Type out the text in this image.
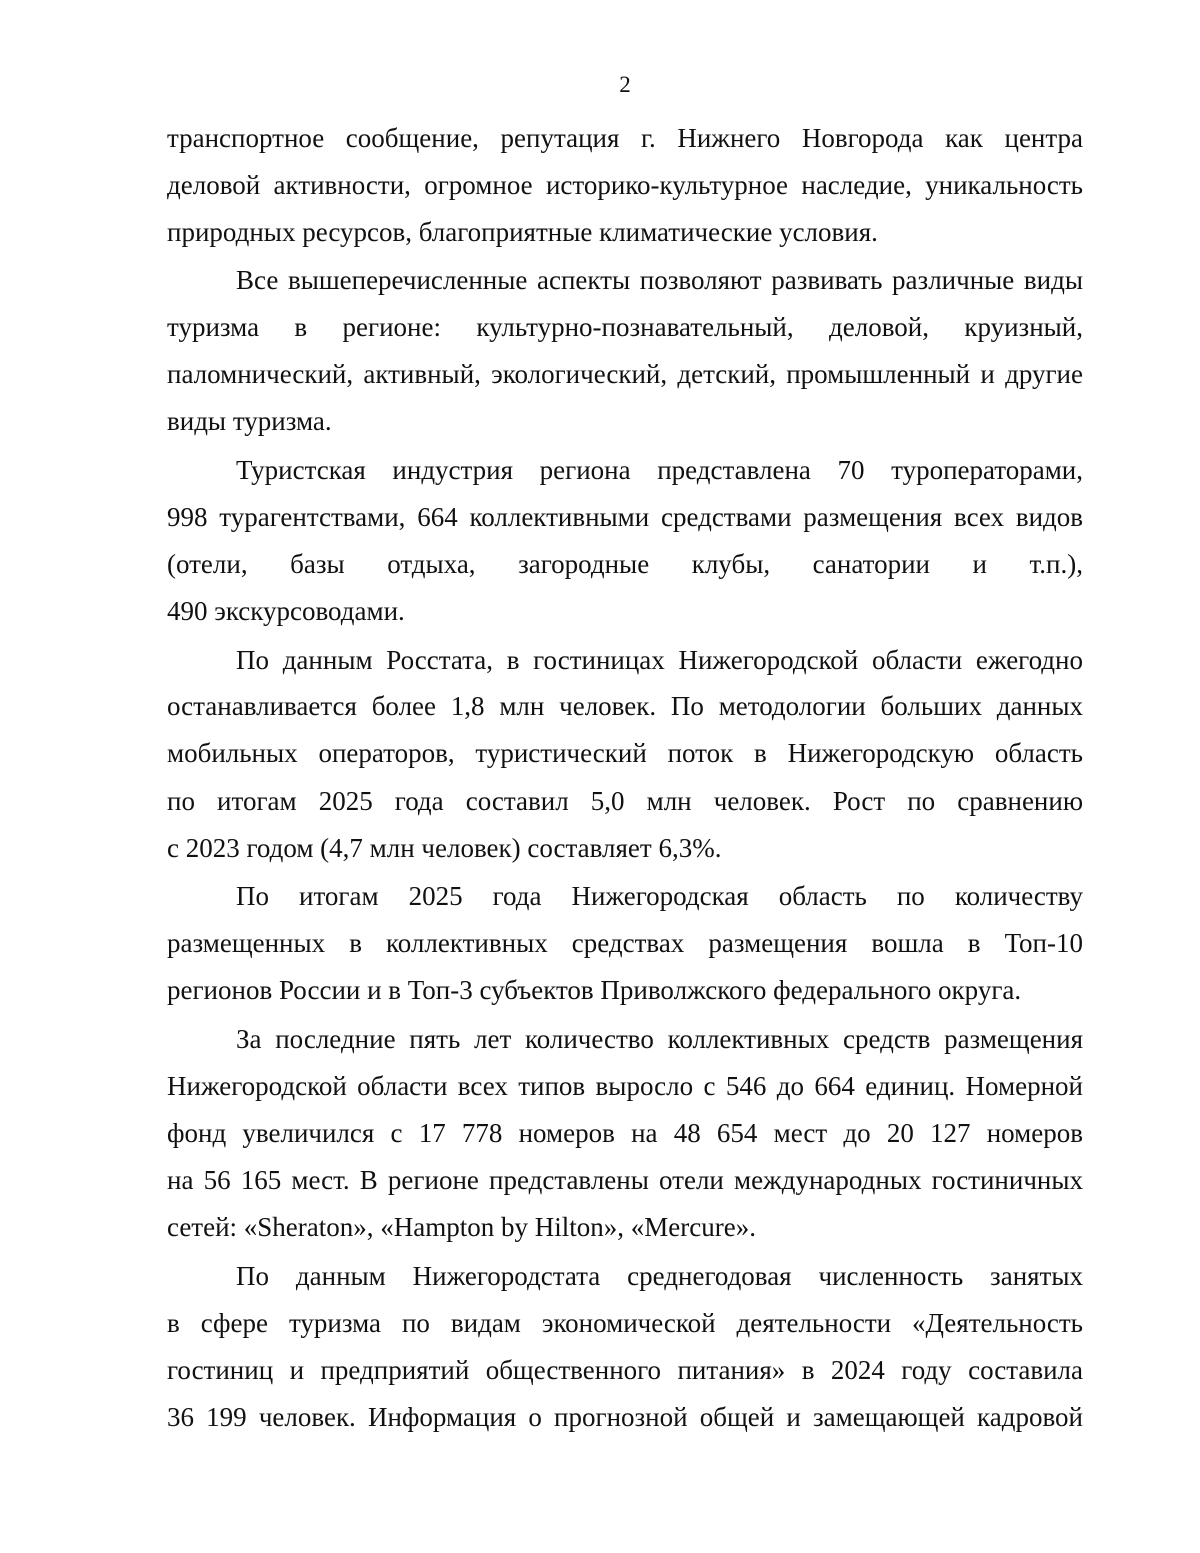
2
транспортное сообщение, репутация г. Нижнего Новгорода как центра
деловой активности, огромное историко-культурное наследие, уникальность
природных ресурсов, благоприятные климатические условия.
Все вышеперечисленные аспекты позволяют развивать различные виды
туризма в регионе: культурно-познавательный, деловой, круизный,
паломнический, активный, экологический, детский, промышленный и другие
виды туризма.
Туристская индустрия региона представлена 70 туроператорами,
998 турагентствами, 664 коллективными средствами размещения всех видов
(отели, базы отдыха, загородные клубы, санатории и т.п.),
490 экскурсоводами.
По данным Росстата, в гостиницах Нижегородской области ежегодно
останавливается более 1,8 млн человек. По методологии больших данных
мобильных операторов, туристический поток в Нижегородскую область
по итогам 2025 года составил 5,0 млн человек. Рост по сравнению
с 2023 годом (4,7 млн человек) составляет 6,3%.
По итогам 2025 года Нижегородская область по количеству
размещенных в коллективных средствах размещения вошла в Топ-10
регионов России и в Топ-3 субъектов Приволжского федерального округа.
За последние пять лет количество коллективных средств размещения
Нижегородской области всех типов выросло с 546 до 664 единиц. Номерной
фонд увеличился с 17 778 номеров на 48 654 мест до 20 127 номеров
на 56 165 мест. В регионе представлены отели международных гостиничных
сетей: «Sheraton», «Hampton by Hilton», «Mercure».
По данным Нижегородстата среднегодовая численность занятых
в сфере туризма по видам экономической деятельности «Деятельность
гостиниц и предприятий общественного питания» в 2024 году составила
36 199 человек. Информация о прогнозной общей и замещающей кадровой
